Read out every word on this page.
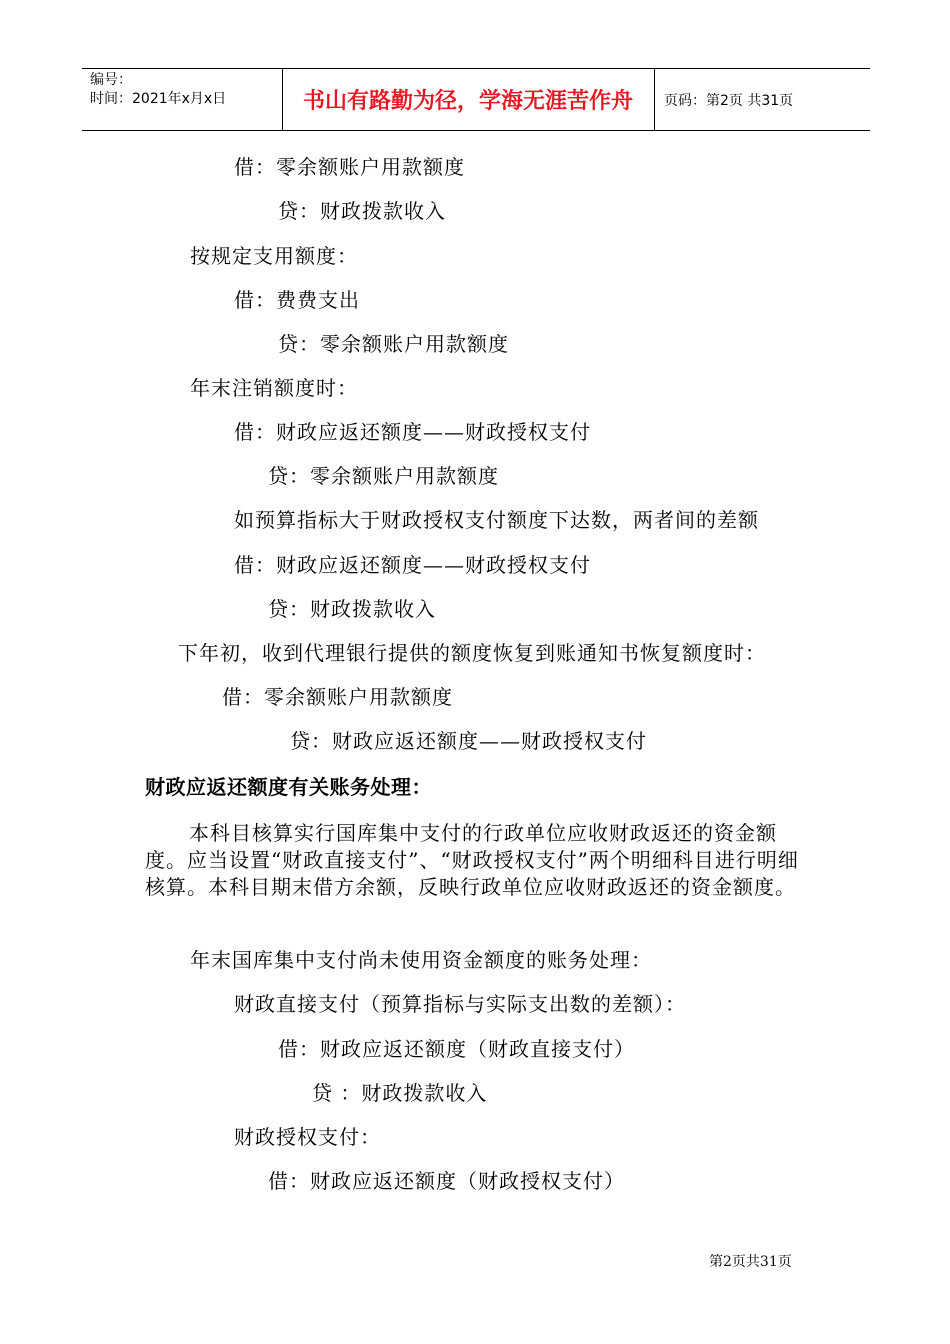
编号：
时间：2021年x月x日	书山有路勤为径，学海无涯苦作舟	页码：第2页 共31页
借：零余额账户用款额度
贷：财政拨款收入
按规定支用额度：
借：费费支出
贷：零余额账户用款额度
年末注销额度时：
借：财政应返还额度——财政授权支付
贷：零余额账户用款额度
如预算指标大于财政授权支付额度下达数，两者间的差额
借：财政应返还额度——财政授权支付
贷：财政拨款收入
下年初，收到代理银行提供的额度恢复到账通知书恢复额度时：
借：零余额账户用款额度
贷：财政应返还额度——财政授权支付
财政应返还额度有关账务处理：

本科目核算实行国库集中支付的行政单位应收财政返还的资金额度。应当设置“财政直接支付”、“财政授权支付”两个明细科目进行明细核算。本科目期末借方余额，反映行政单位应收财政返还的资金额度。

年末国库集中支付尚未使用资金额度的账务处理：
财政直接支付（预算指标与实际支出数的差额）：
借：财政应返还额度（财政直接支付）
贷 ：财政拨款收入
财政授权支付：
借：财政应返还额度（财政授权支付）
第2页共31页
